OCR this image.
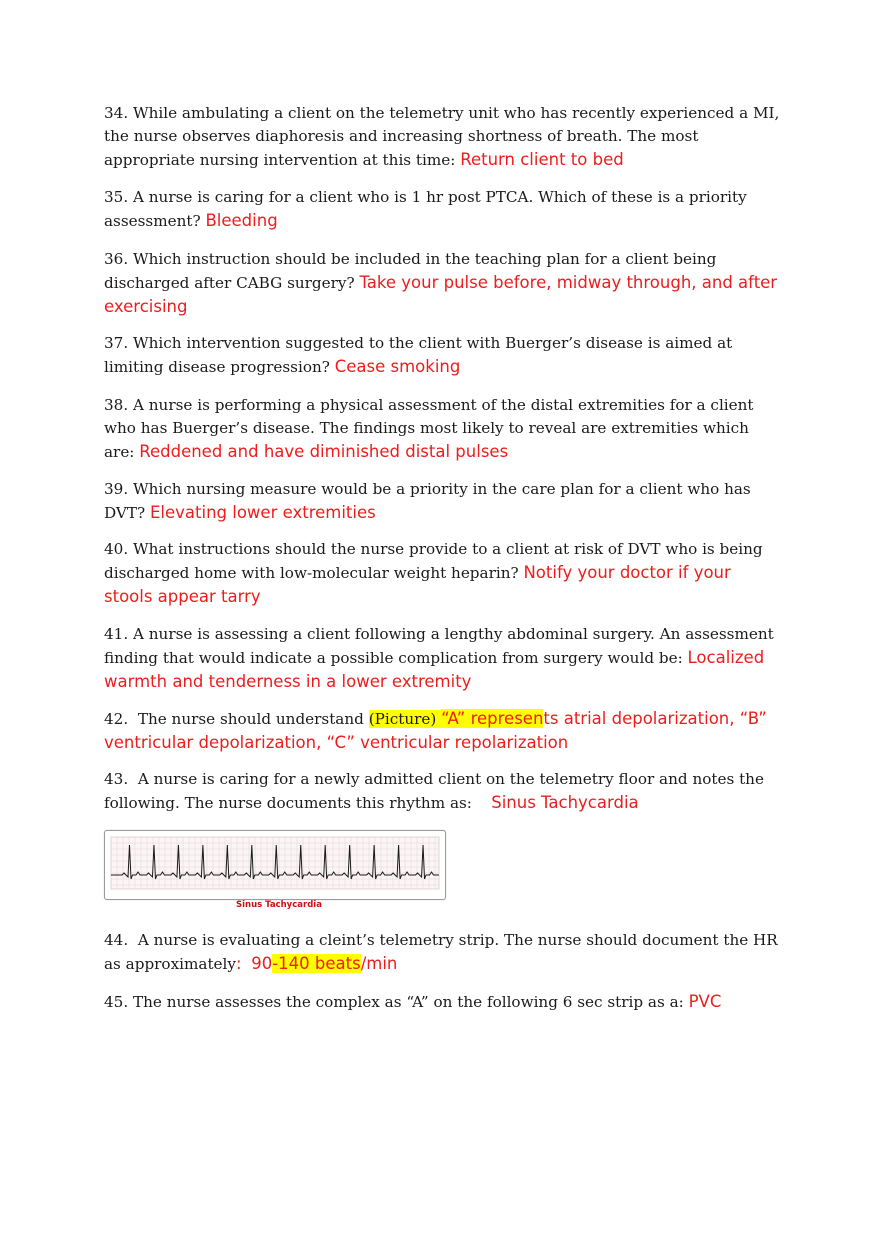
34. While ambulating a client on the telemetry unit who has recently experienced a MI, the nurse observes diaphoresis and increasing shortness of breath. The most appropriate nursing intervention at this time: Return client to bed

35. A nurse is caring for a client who is 1 hr post PTCA. Which of these is a priority assessment? Bleeding

36. Which instruction should be included in the teaching plan for a client being discharged after CABG surgery? Take your pulse before, midway through, and after exercising

37. Which intervention suggested to the client with Buerger’s disease is aimed at limiting disease progression? Cease smoking

38. A nurse is performing a physical assessment of the distal extremities for a client who has Buerger’s disease. The findings most likely to reveal are extremities which are: Reddened and have diminished distal pulses

39. Which nursing measure would be a priority in the care plan for a client who has DVT? Elevating lower extremities

40. What instructions should the nurse provide to a client at risk of DVT who is being discharged home with low-molecular weight heparin? Notify your doctor if your stools appear tarry

41. A nurse is assessing a client following a lengthy abdominal surgery. An assessment finding that would indicate a possible complication from surgery would be: Localized warmth and tenderness in a lower extremity

42. The nurse should understand (Picture) “A” represents atrial depolarization, “B” ventricular depolarization, “C” ventricular repolarization

43. A nurse is caring for a newly admitted client on the telemetry floor and notes the following. The nurse documents this rhythm as: Sinus Tachycardia

Sinus Tachycardia

44. A nurse is evaluating a cleint’s telemetry strip. The nurse should document the HR as approximately: 90-140 beats/min

45. The nurse assesses the complex as “A” on the following 6 sec strip as a: PVC
